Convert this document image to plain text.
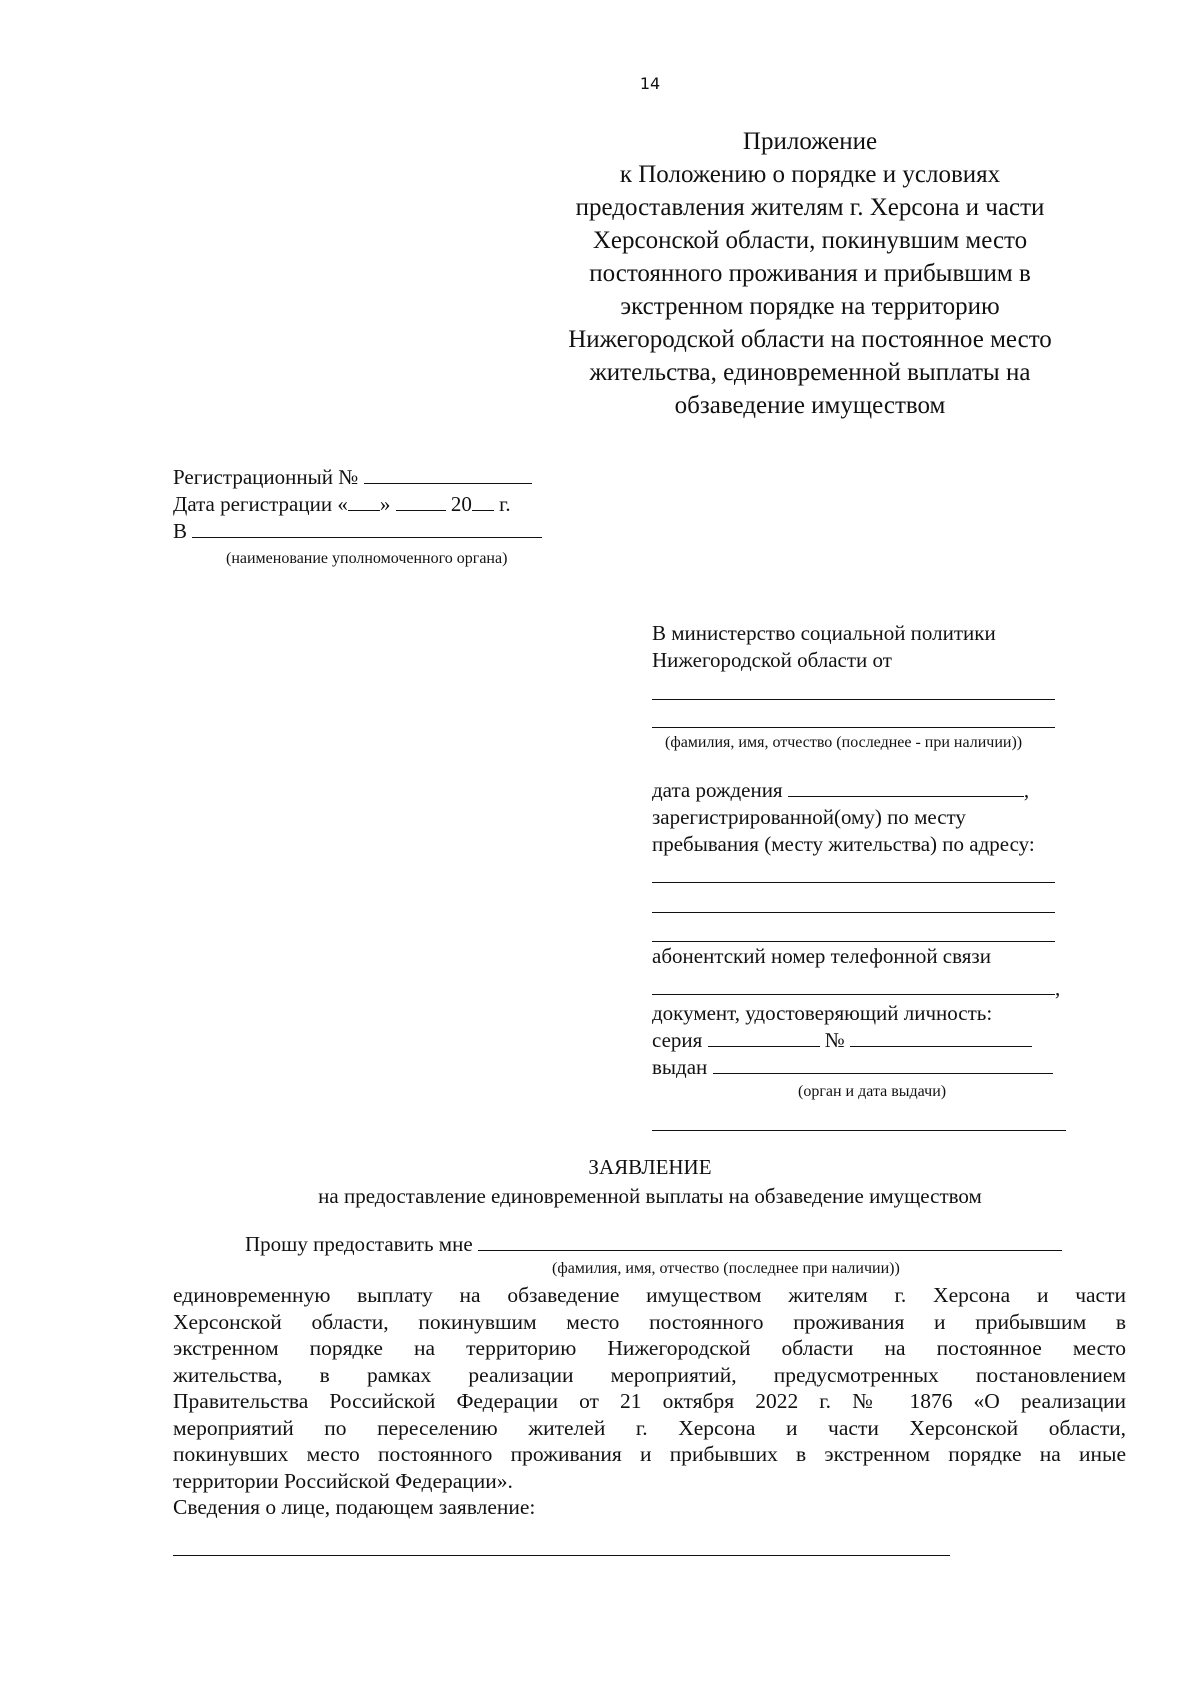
14
Приложение
к Положению о порядке и условиях
предоставления жителям г. Херсона и части
Херсонской области, покинувшим место
постоянного проживания и прибывшим в
экстренном порядке на территорию
Нижегородской области на постоянное место
жительства, единовременной выплаты на
обзаведение имуществом
Регистрационный №
Дата регистрации « »	20 г.
В
(наименование уполномоченного органа)
В министерство социальной политики
Нижегородской области от
(фамилия, имя, отчество (последнее - при наличии))
дата рождения	,
зарегистрированной(ому) по месту
пребывания (месту жительства) по адресу:
абонентский номер телефонной связи
,
документ, удостоверяющий личность:
серия	№
выдан
(орган и дата выдачи)
ЗАЯВЛЕНИЕ
на предоставление единовременной выплаты на обзаведение имуществом
Прошу предоставить мне
(фамилия, имя, отчество (последнее при наличии))
единовременную выплату на обзаведение имуществом жителям г. Херсона и части
Херсонской области, покинувшим место постоянного проживания и прибывшим в
экстренном порядке на территорию Нижегородской области на постоянное место
жительства, в рамках реализации мероприятий, предусмотренных постановлением
Правительства Российской Федерации от 21 октября 2022 г. № 1876 «О реализации
мероприятий по переселению жителей г. Херсона и части Херсонской области,
покинувших место постоянного проживания и прибывших в экстренном порядке на иные
территории Российской Федерации».
Сведения о лице, подающем заявление:
